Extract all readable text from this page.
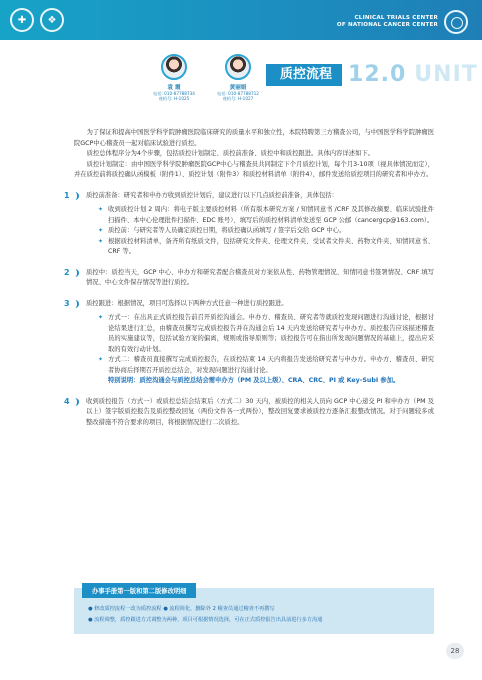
✚	❖	CLINICAL TRIALS CENTER
OF NATIONAL CANCER CENTER
袁 霞
电话: 010-87788734
座机号: H-1025
黄丽娟
电话: 010-87788712
座机号: H-1027
质控流程 12.0 UNIT

为了保证和提高中国医学科学院肿瘤医院临床研究的质量水平和独立性，本院特聘第三方稽查公司，与中国医学科学院肿瘤医院GCP中心稽查员一起对临床试验进行质控。

质控总体程序分为4个步骤，包括质控计划制定、质控前准备、质控中和质控跟进。具体内容详述如下。

质控计划制定：由中国医学科学院肿瘤医院GCP中心与稽查员共同制定下个月质控计划，每个月3-10项（视具体情况而定），并在质控前将质控确认函模板（附件1）、质控计划（附件3）和质控材料清单（附件4），邮件发送给质控项目的研究者和申办方。

1	质控前准备：研究者和申办方收到质控计划后，建议进行以下几点质控前准备，具体包括：

✦ 收到质控计划 2 周内：将电子版主要质控材料（所有版本研究方案 / 知情同意书 /CRF 及其修改摘要、临床试验批件扫描件、本中心伦理批件扫描件、EDC 账号）、填写后的质控材料清单发送至 GCP 公邮（cancergcp@163.com）。

✦ 质控前：与研究者等人员确定质控日期，将质控确认函填写 / 签字后交给 GCP 中心。

✦ 根据质控材料清单，备齐所有纸质文件，包括研究文件夹、伦理文件夹、受试者文件夹、药物文件夹、知情同意书、CRF 等。

2	质控中：质控当天，GCP 中心、申办方和研究者配合稽查员对方案依从性、药物管理情况、知情同意书签署情况、CRF 填写情况、中心文件保存情况等进行质控。

3	质控跟进：根据情况，项目可选择以下两种方式任意一种进行质控跟进。

✦ 方式一：在出具正式质控报告前召开质控沟通会。申办方、稽查员、研究者等就质控发现问题进行沟通讨论，根据讨论结果进行汇总，由稽查员撰写完成质控报告并在沟通会后 14 天内发送给研究者与申办方。质控报告应该描述稽查员的实施建议等，包括试验方案的偏离，规则或指导原则等；质控报告可在指出所发现问题情况的基础上，提出应采取的有效行动计划。

✦ 方式二：稽查员直接撰写完成质控报告，在质控结束 14 天内将报告发送给研究者与申办方。申办方、稽查员、研究者协商后择期召开质控总结会，对发现问题进行沟通讨论。

特别说明：质控沟通会与质控总结会需申办方（PM 及以上级）、CRA、CRC、PI 或 Key-SubI 参加。

4	收到质控报告（方式一）或质控总结会结束后（方式二）30 天内，被质控的相关人员向 GCP 中心递交 PI 和申办方（PM 及以上）签字版质控报告及质控整改回复（两份文件各一式两份），整改回复要求被质控方逐条汇报整改情况。对于问题较多或整改措施不符合要求的项目，将根据情况进行二次质控。

办事手册第一版和第二版修改明细
● 修改质控流程一改为质控流程 ● 流程简化，删除外 2 稽查员通过稽查不再撰写
● 流程调整，质控跟进方式调整为两种，项目可根据情况选择，可在正式质控报告出具前进行多方沟通
28
